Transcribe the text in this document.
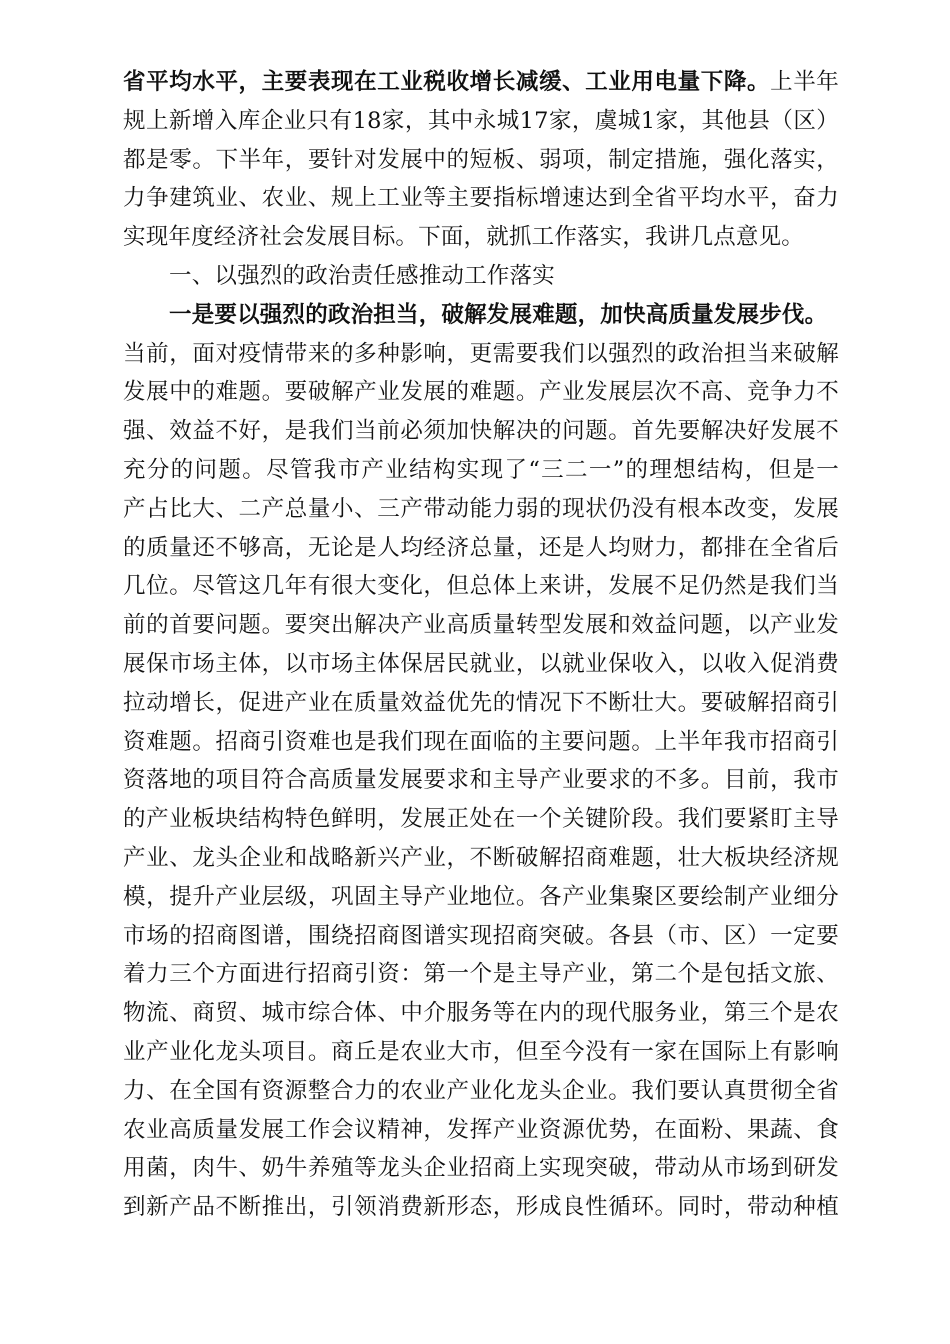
省平均水平，主要表现在工业税收增长减缓、工业用电量下降。上半年
规上新增入库企业只有18家，其中永城17家，虞城1家，其他县（区）
都是零。下半年，要针对发展中的短板、弱项，制定措施，强化落实，
力争建筑业、农业、规上工业等主要指标增速达到全省平均水平，奋力
实现年度经济社会发展目标。下面，就抓工作落实，我讲几点意见。
一、以强烈的政治责任感推动工作落实
一是要以强烈的政治担当，破解发展难题，加快高质量发展步伐。
当前，面对疫情带来的多种影响，更需要我们以强烈的政治担当来破解
发展中的难题。要破解产业发展的难题。产业发展层次不高、竞争力不
强、效益不好，是我们当前必须加快解决的问题。首先要解决好发展不
充分的问题。尽管我市产业结构实现了“三二一”的理想结构，但是一
产占比大、二产总量小、三产带动能力弱的现状仍没有根本改变，发展
的质量还不够高，无论是人均经济总量，还是人均财力，都排在全省后
几位。尽管这几年有很大变化，但总体上来讲，发展不足仍然是我们当
前的首要问题。要突出解决产业高质量转型发展和效益问题，以产业发
展保市场主体，以市场主体保居民就业，以就业保收入，以收入促消费
拉动增长，促进产业在质量效益优先的情况下不断壮大。要破解招商引
资难题。招商引资难也是我们现在面临的主要问题。上半年我市招商引
资落地的项目符合高质量发展要求和主导产业要求的不多。目前，我市
的产业板块结构特色鲜明，发展正处在一个关键阶段。我们要紧盯主导
产业、龙头企业和战略新兴产业，不断破解招商难题，壮大板块经济规
模，提升产业层级，巩固主导产业地位。各产业集聚区要绘制产业细分
市场的招商图谱，围绕招商图谱实现招商突破。各县（市、区）一定要
着力三个方面进行招商引资：第一个是主导产业，第二个是包括文旅、
物流、商贸、城市综合体、中介服务等在内的现代服务业，第三个是农
业产业化龙头项目。商丘是农业大市，但至今没有一家在国际上有影响
力、在全国有资源整合力的农业产业化龙头企业。我们要认真贯彻全省
农业高质量发展工作会议精神，发挥产业资源优势，在面粉、果蔬、食
用菌，肉牛、奶牛养殖等龙头企业招商上实现突破，带动从市场到研发
到新产品不断推出，引领消费新形态，形成良性循环。同时，带动种植
